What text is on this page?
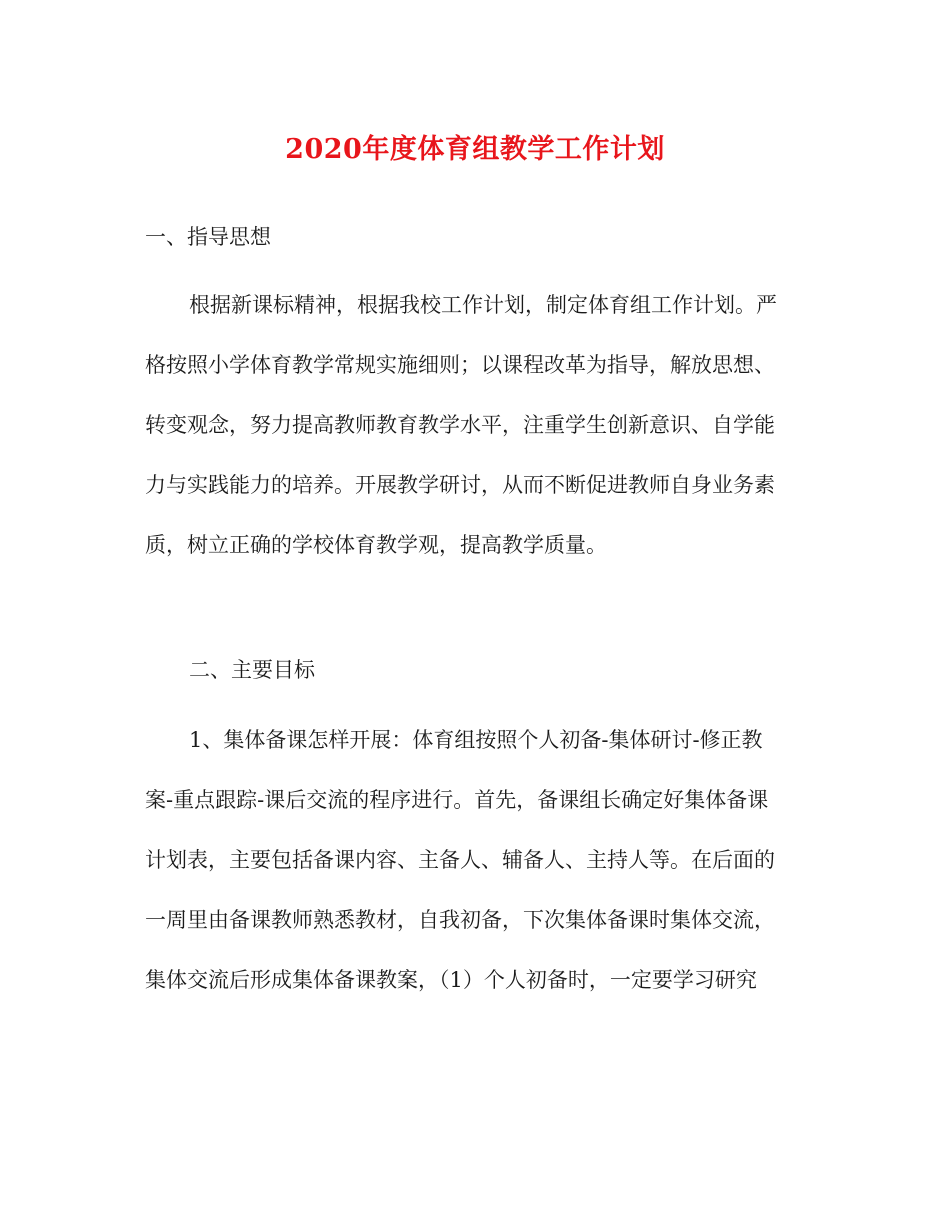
2020年度体育组教学工作计划
一、指导思想
根据新课标精神，根据我校工作计划，制定体育组工作计划。严
格按照小学体育教学常规实施细则；以课程改革为指导，解放思想、
转变观念，努力提高教师教育教学水平，注重学生创新意识、自学能
力与实践能力的培养。开展教学研讨，从而不断促进教师自身业务素
质，树立正确的学校体育教学观，提高教学质量。
二、主要目标
1、集体备课怎样开展：体育组按照个人初备-集体研讨-修正教
案-重点跟踪-课后交流的程序进行。首先，备课组长确定好集体备课
计划表，主要包括备课内容、主备人、辅备人、主持人等。在后面的
一周里由备课教师熟悉教材，自我初备，下次集体备课时集体交流，
集体交流后形成集体备课教案，（1）个人初备时，一定要学习研究
